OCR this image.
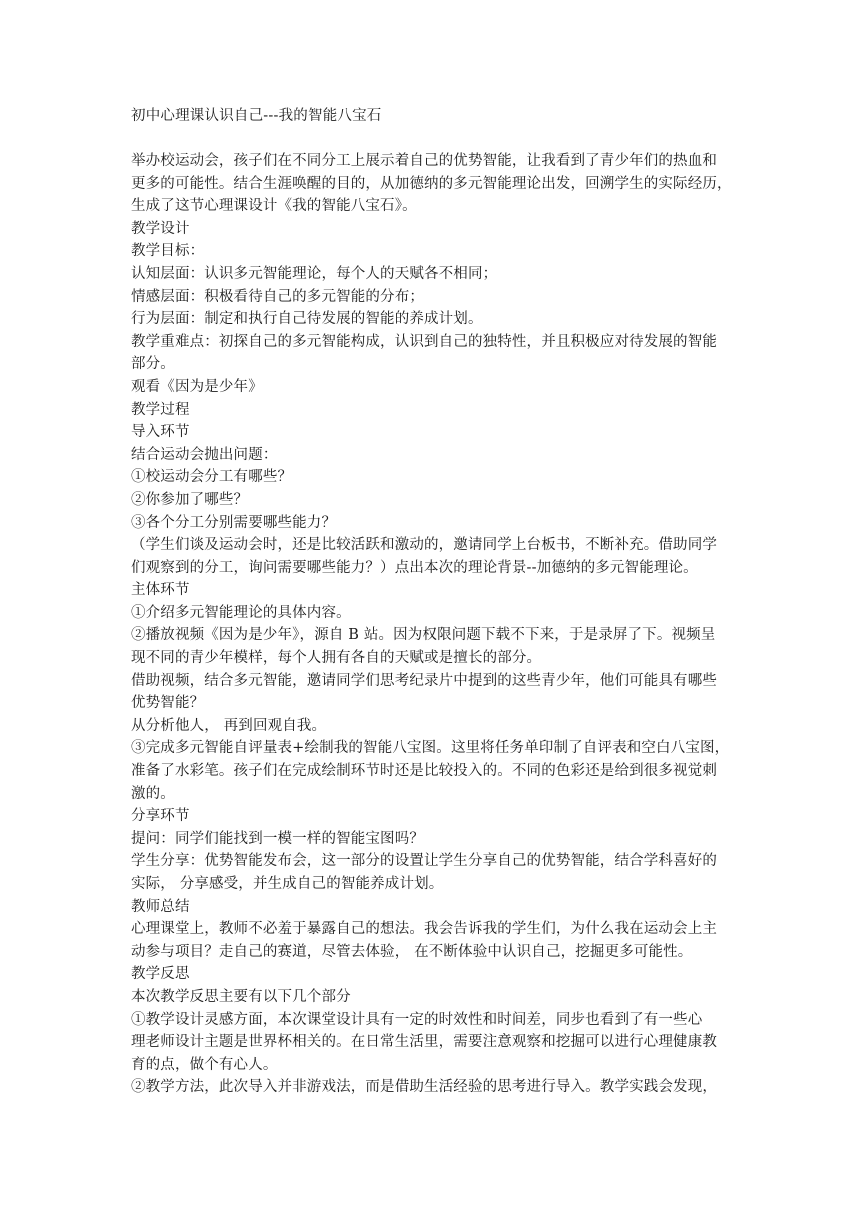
初中心理课认识自己---我的智能八宝石

举办校运动会，孩子们在不同分工上展示着自己的优势智能，让我看到了青少年们的热血和

更多的可能性。结合生涯唤醒的目的，从加德纳的多元智能理论出发，回溯学生的实际经历，

生成了这节心理课设计《我的智能八宝石》。

教学设计

教学目标：

认知层面：认识多元智能理论，每个人的天赋各不相同；

情感层面：积极看待自己的多元智能的分布；

行为层面：制定和执行自己待发展的智能的养成计划。

教学重难点：初探自己的多元智能构成，认识到自己的独特性，并且积极应对待发展的智能

部分。

观看《因为是少年》

教学过程

导入环节

结合运动会抛出问题：

①校运动会分工有哪些？

②你参加了哪些？

③各个分工分别需要哪些能力？

（学生们谈及运动会时，还是比较活跃和激动的，邀请同学上台板书，不断补充。借助同学

们观察到的分工，询问需要哪些能力？）点出本次的理论背景--加德纳的多元智能理论。

主体环节

①介绍多元智能理论的具体内容。

②播放视频《因为是少年》，源自 B 站。因为权限问题下载不下来，于是录屏了下。视频呈

现不同的青少年模样，每个人拥有各自的天赋或是擅长的部分。

借助视频，结合多元智能，邀请同学们思考纪录片中提到的这些青少年，他们可能具有哪些

优势智能？

从分析他人， 再到回观自我。

③完成多元智能自评量表+绘制我的智能八宝图。这里将任务单印制了自评表和空白八宝图，

准备了水彩笔。孩子们在完成绘制环节时还是比较投入的。不同的色彩还是给到很多视觉刺

激的。

分享环节

提问：同学们能找到一模一样的智能宝图吗？

学生分享：优势智能发布会，这一部分的设置让学生分享自己的优势智能，结合学科喜好的

实际， 分享感受，并生成自己的智能养成计划。

教师总结

心理课堂上，教师不必羞于暴露自己的想法。我会告诉我的学生们，为什么我在运动会上主

动参与项目？走自己的赛道，尽管去体验， 在不断体验中认识自己，挖掘更多可能性。

教学反思

本次教学反思主要有以下几个部分

①教学设计灵感方面，本次课堂设计具有一定的时效性和时间差，同步也看到了有一些心

理老师设计主题是世界杯相关的。在日常生活里，需要注意观察和挖掘可以进行心理健康教

育的点，做个有心人。

②教学方法，此次导入并非游戏法，而是借助生活经验的思考进行导入。教学实践会发现，
